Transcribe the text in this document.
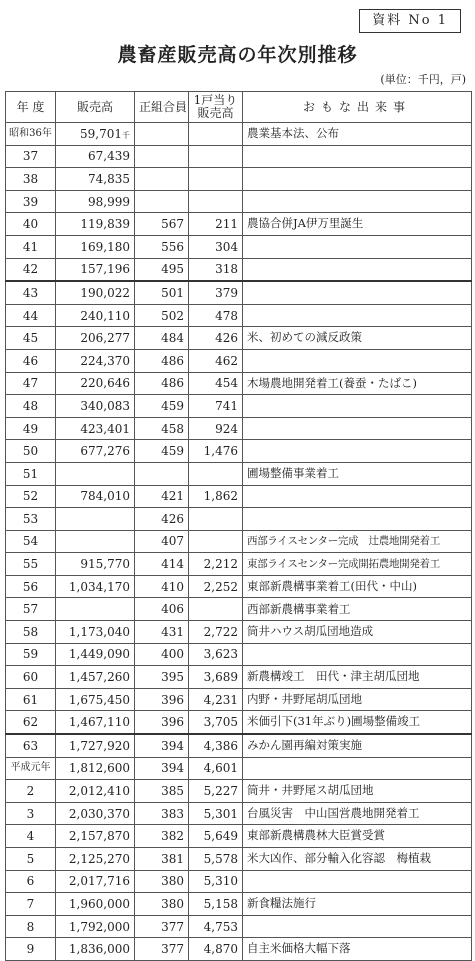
資料 No 1
農畜産販売高の年次別推移
(単位：千円，戸)
年 度	販売高	正組合員	1戸当り
販売高	おもな出来事
昭和36年	59,701千			農業基本法、公布
37	67,439			
38	74,835			
39	98,999			
40	119,839	567	211	農協合併JA伊万里誕生
41	169,180	556	304	
42	157,196	495	318	
43	190,022	501	379	
44	240,110	502	478	
45	206,277	484	426	米、初めての減反政策
46	224,370	486	462	
47	220,646	486	454	木場農地開発着工(養蚕・たばこ)
48	340,083	459	741	
49	423,401	458	924	
50	677,276	459	1,476	
51				圃場整備事業着工
52	784,010	421	1,862	
53		426		
54		407		西部ライスセンター完成　辻農地開発着工
55	915,770	414	2,212	東部ライスセンター完成開拓農地開発着工
56	1,034,170	410	2,252	東部新農構事業着工(田代・中山)
57		406		西部新農構事業着工
58	1,173,040	431	2,722	筒井ハウス胡瓜団地造成
59	1,449,090	400	3,623	
60	1,457,260	395	3,689	新農構竣工　田代・津主胡瓜団地
61	1,675,450	396	4,231	内野・井野尾胡瓜団地
62	1,467,110	396	3,705	米価引下(31年ぶり)圃場整備竣工
63	1,727,920	394	4,386	みかん園再編対策実施
平成元年	1,812,600	394	4,601	
2	2,012,410	385	5,227	筒井・井野尾ス胡瓜団地
3	2,030,370	383	5,301	台風災害　中山国営農地開発着工
4	2,157,870	382	5,649	東部新農構農林大臣賞受賞
5	2,125,270	381	5,578	米大凶作、部分輸入化容認　梅植栽
6	2,017,716	380	5,310	
7	1,960,000	380	5,158	新食糧法施行
8	1,792,000	377	4,753	
9	1,836,000	377	4,870	自主米価格大幅下落
